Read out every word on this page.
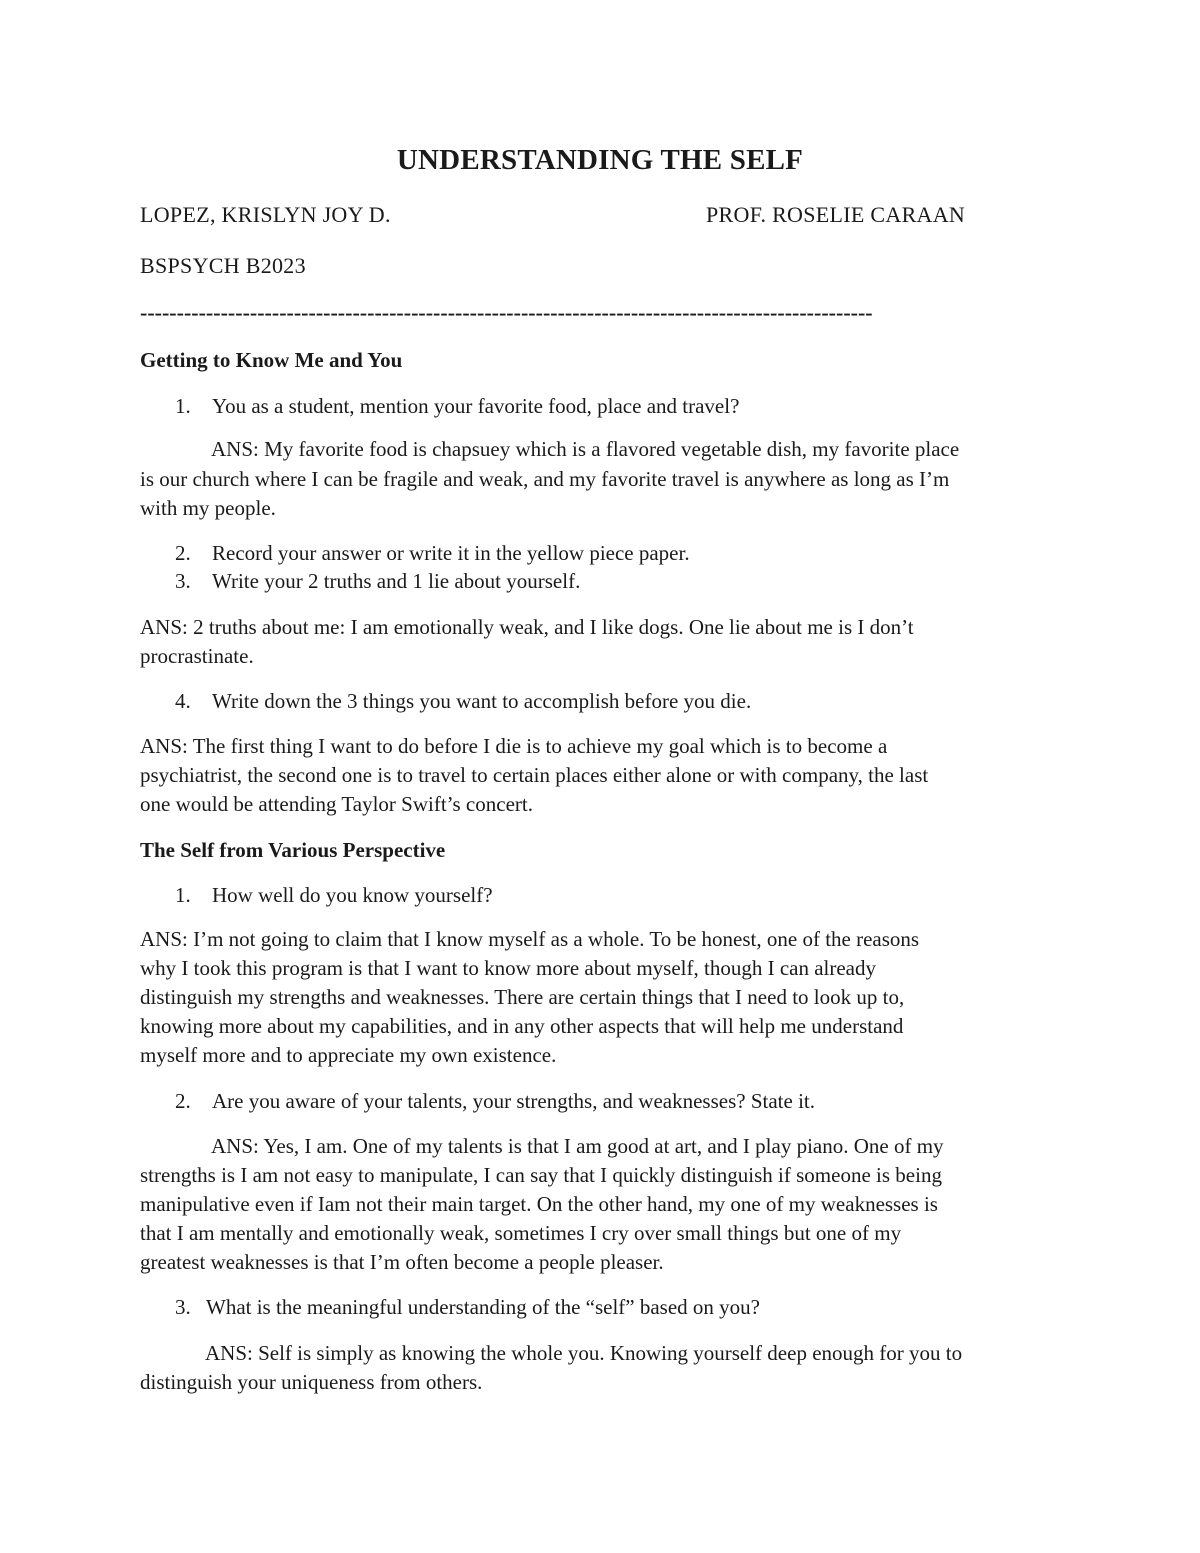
UNDERSTANDING THE SELF
LOPEZ, KRISLYN JOY D.	PROF. ROSELIE CARAAN
BSPSYCH B2023
----------------------------------------------------------------------------------------------------
Getting to Know Me and You
1. You as a student, mention your favorite food, place and travel?
ANS: My favorite food is chapsuey which is a flavored vegetable dish, my favorite place
is our church where I can be fragile and weak, and my favorite travel is anywhere as long as I’m
with my people.
2. Record your answer or write it in the yellow piece paper.
3. Write your 2 truths and 1 lie about yourself.
ANS: 2 truths about me: I am emotionally weak, and I like dogs. One lie about me is I don’t
procrastinate.
4. Write down the 3 things you want to accomplish before you die.
ANS: The first thing I want to do before I die is to achieve my goal which is to become a
psychiatrist, the second one is to travel to certain places either alone or with company, the last
one would be attending Taylor Swift’s concert.
The Self from Various Perspective
1. How well do you know yourself?
ANS: I’m not going to claim that I know myself as a whole. To be honest, one of the reasons
why I took this program is that I want to know more about myself, though I can already
distinguish my strengths and weaknesses. There are certain things that I need to look up to,
knowing more about my capabilities, and in any other aspects that will help me understand
myself more and to appreciate my own existence.
2. Are you aware of your talents, your strengths, and weaknesses? State it.
ANS: Yes, I am. One of my talents is that I am good at art, and I play piano. One of my
strengths is I am not easy to manipulate, I can say that I quickly distinguish if someone is being
manipulative even if Iam not their main target. On the other hand, my one of my weaknesses is
that I am mentally and emotionally weak, sometimes I cry over small things but one of my
greatest weaknesses is that I’m often become a people pleaser.
3. What is the meaningful understanding of the “self” based on you?
ANS: Self is simply as knowing the whole you. Knowing yourself deep enough for you to
distinguish your uniqueness from others.
